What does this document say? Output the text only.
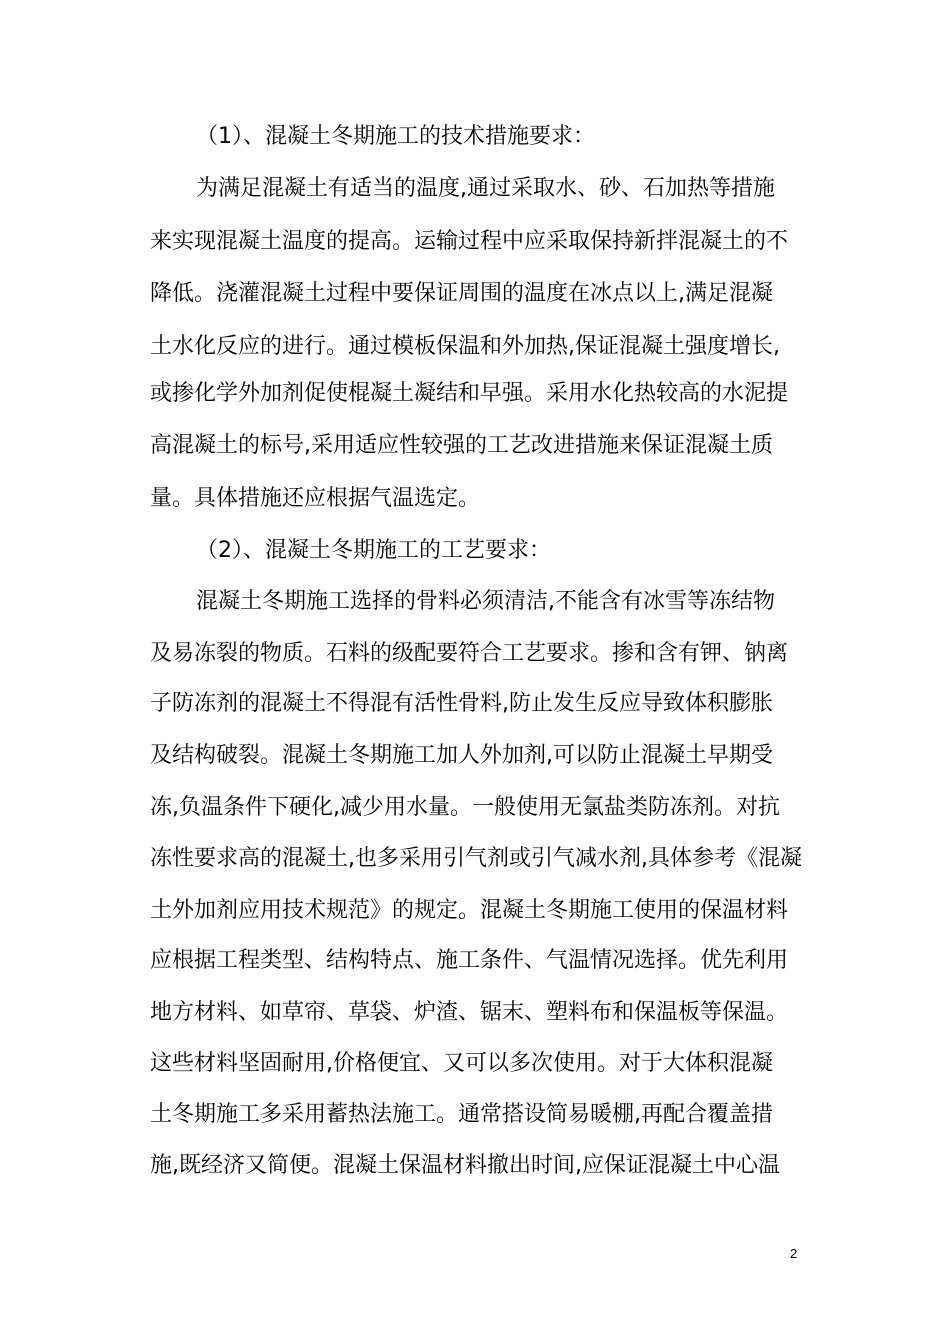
（1）、混凝土冬期施工的技术措施要求：
为满足混凝土有适当的温度,通过采取水、砂、石加热等措施
来实现混凝土温度的提高。运输过程中应采取保持新拌混凝土的不
降低。浇灌混凝土过程中要保证周围的温度在冰点以上,满足混凝
土水化反应的进行。通过模板保温和外加热,保证混凝土强度增长,
或掺化学外加剂促使棍凝土凝结和早强。采用水化热较高的水泥提
高混凝土的标号,采用适应性较强的工艺改进措施来保证混凝土质
量。具体措施还应根据气温选定。
（2）、混凝土冬期施工的工艺要求：
混凝土冬期施工选择的骨料必须清洁,不能含有冰雪等冻结物
及易冻裂的物质。石料的级配要符合工艺要求。掺和含有钾、钠离
子防冻剂的混凝土不得混有活性骨料,防止发生反应导致体积膨胀
及结构破裂。混凝土冬期施工加人外加剂,可以防止混凝土早期受
冻,负温条件下硬化,减少用水量。一般使用无氯盐类防冻剂。对抗
冻性要求高的混凝土,也多采用引气剂或引气减水剂,具体参考《混凝
土外加剂应用技术规范》的规定。混凝土冬期施工使用的保温材料
应根据工程类型、结构特点、施工条件、气温情况选择。优先利用
地方材料、如草帘、草袋、炉渣、锯末、塑料布和保温板等保温。
这些材料坚固耐用,价格便宜、又可以多次使用。对于大体积混凝
土冬期施工多采用蓄热法施工。通常搭设简易暖棚,再配合覆盖措
施,既经济又简便。混凝土保温材料撤出时间,应保证混凝土中心温
2
